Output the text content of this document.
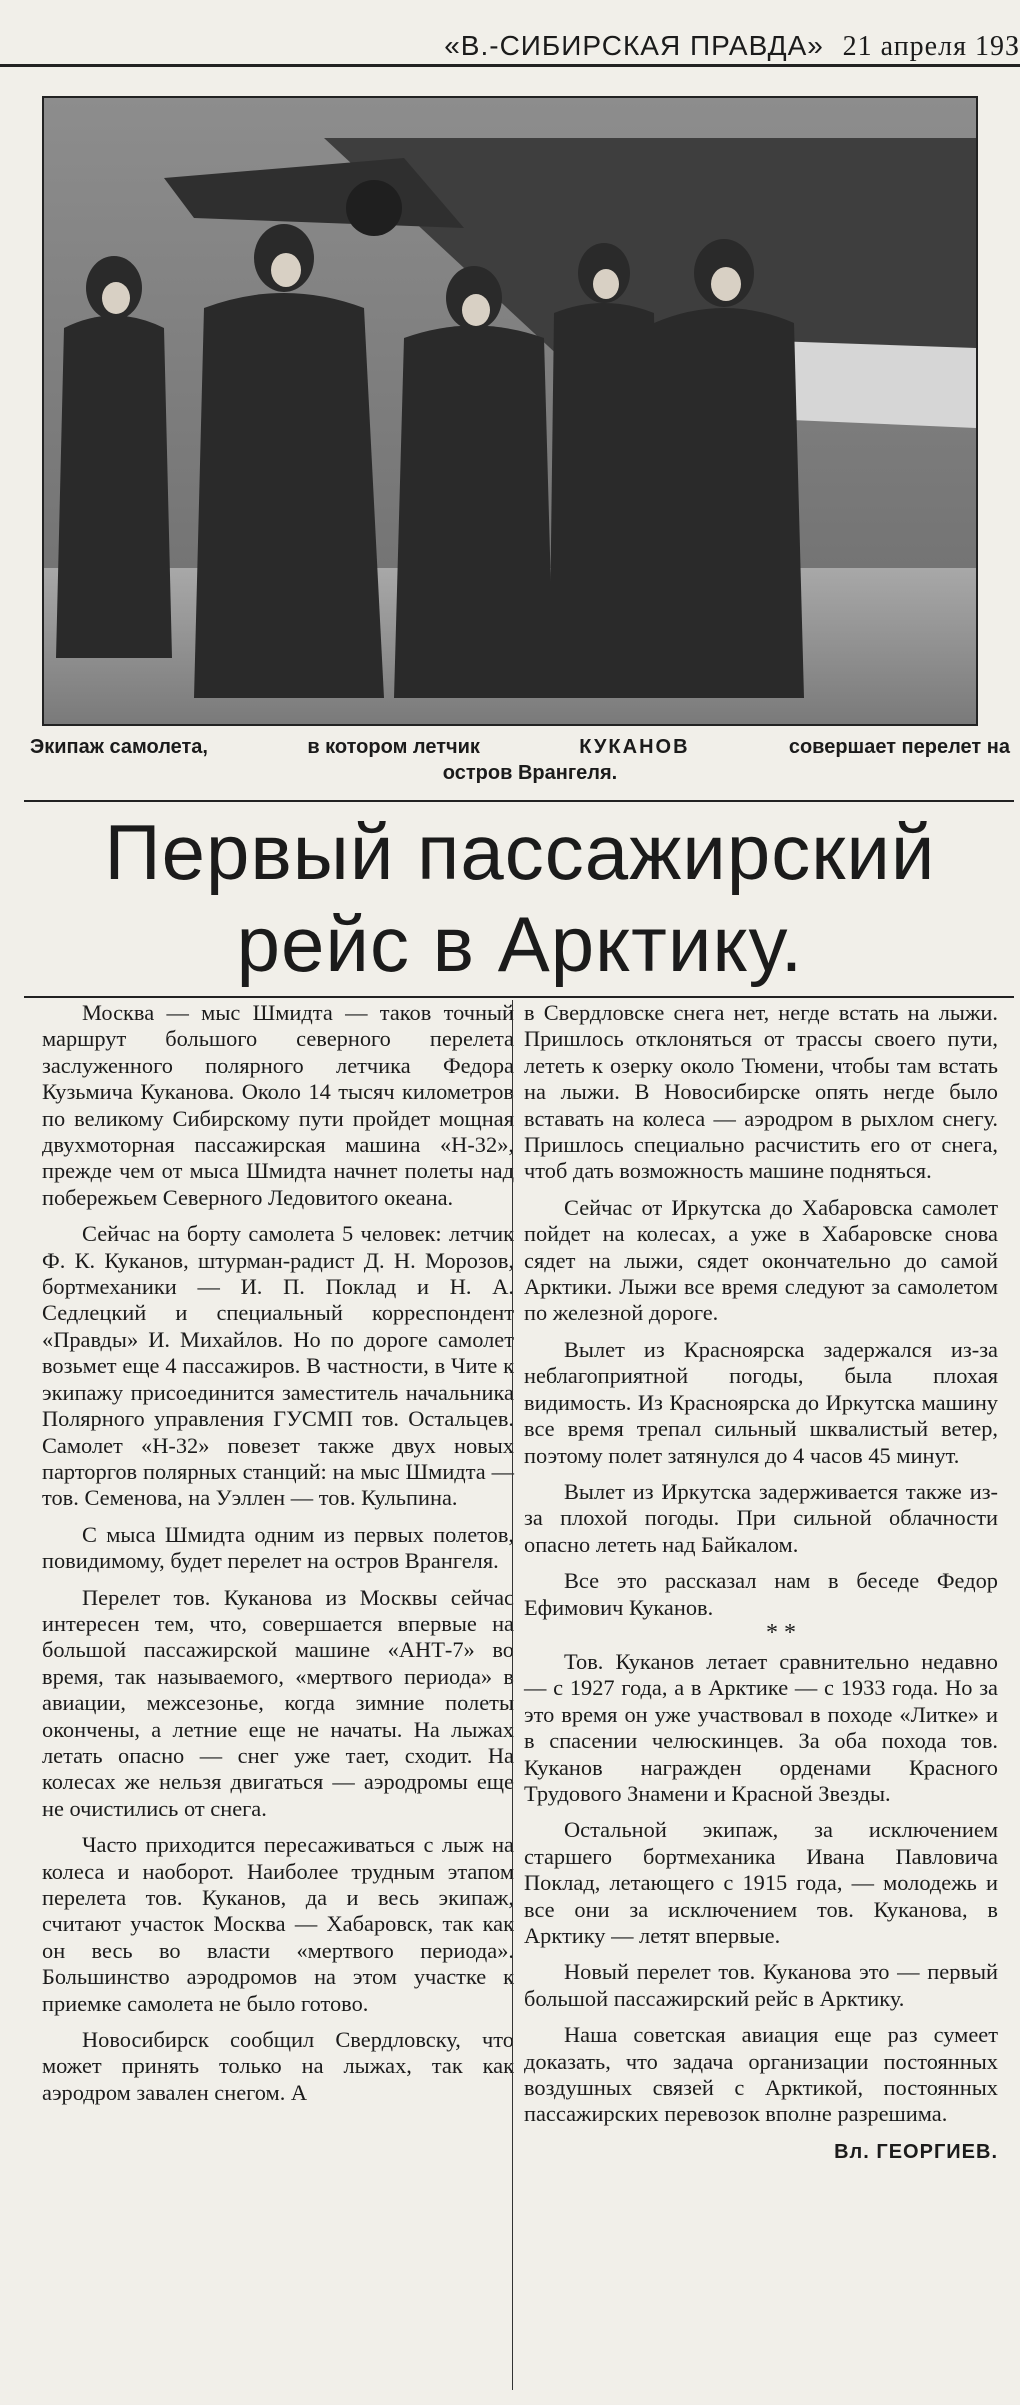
«В.-СИБИРСКАЯ ПРАВДА» 21 апреля 19З
Экипаж самолета,	в котором летчик	КУКАНОВ	совершает перелет на
остров Врангеля.
Первый пассажирский
рейс в Арктику.

Москва — мыс Шмидта — таков точный маршрут большого северного перелета заслуженного полярного летчика Федора Кузьмича Куканова. Около 14 тысяч километров по великому Сибирскому пути пройдет мощная двухмоторная пассажирская машина «Н-32», прежде чем от мыса Шмидта начнет полеты над побережьем Северного Ледовитого океана.

Сейчас на борту самолета 5 человек: летчик Ф. К. Куканов, штурман-радист Д. Н. Морозов, бортмеханики — И. П. Поклад и Н. А. Седлецкий и специальный корреспондент «Правды» И. Михайлов. Но по дороге самолет возьмет еще 4 пассажиров. В частности, в Чите к экипажу присоединится заместитель начальника Полярного управления ГУСМП тов. Остальцев. Самолет «Н-32» повезет также двух новых парторгов полярных станций: на мыс Шмидта — тов. Семенова, на Уэллен — тов. Кульпина.

С мыса Шмидта одним из первых полетов, повидимому, будет перелет на остров Врангеля.

Перелет тов. Куканова из Москвы сейчас интересен тем, что, совершается впервые на большой пассажирской машине «АНТ-7» во время, так называемого, «мертвого периода» в авиации, межсезонье, когда зимние полеты окончены, а летние еще не начаты. На лыжах летать опасно — снег уже тает, сходит. На колесах же нельзя двигаться — аэродромы еще не очистились от снега.

Часто приходится пересаживаться с лыж на колеса и наоборот. Наиболее трудным этапом перелета тов. Куканов, да и весь экипаж, считают участок Москва — Хабаровск, так как он весь во власти «мертвого периода». Большинство аэродромов на этом участке к приемке самолета не было готово.

Новосибирск сообщил Свердловску, что может принять только на лыжах, так как аэродром завален снегом. А

в Свердловске снега нет, негде встать на лыжи. Пришлось отклоняться от трассы своего пути, лететь к озерку около Тюмени, чтобы там встать на лыжи. В Новосибирске опять негде было вставать на колеса — аэродром в рыхлом снегу. Пришлось специально расчистить его от снега, чтоб дать возможность машине подняться.

Сейчас от Иркутска до Хабаровска самолет пойдет на колесах, а уже в Хабаровске снова сядет на лыжи, сядет окончательно до самой Арктики. Лыжи все время следуют за самолетом по железной дороге.

Вылет из Красноярска задержался из-за неблагоприятной погоды, была плохая видимость. Из Красноярска до Иркутска машину все время трепал сильный шквалистый ветер, поэтому полет затянулся до 4 часов 45 минут.

Вылет из Иркутска задерживается также из-за плохой погоды. При сильной облачности опасно лететь над Байкалом.

Все это рассказал нам в беседе Федор Ефимович Куканов.

* *

Тов. Куканов летает сравнительно недавно — с 1927 года, а в Арктике — с 1933 года. Но за это время он уже участвовал в походе «Литке» и в спасении челюскинцев. За оба похода тов. Куканов награжден орденами Красного Трудового Знамени и Красной Звезды.

Остальной экипаж, за исключением старшего бортмеханика Ивана Павловича Поклад, летающего с 1915 года, — молодежь и все они за исключением тов. Куканова, в Арктику — летят впервые.

Новый перелет тов. Куканова это — первый большой пассажирский рейс в Арктику.

Наша советская авиация еще раз сумеет доказать, что задача организации постоянных воздушных связей с Арктикой, постоянных пассажирских перевозок вполне разрешима.

Вл. ГЕОРГИЕВ.
